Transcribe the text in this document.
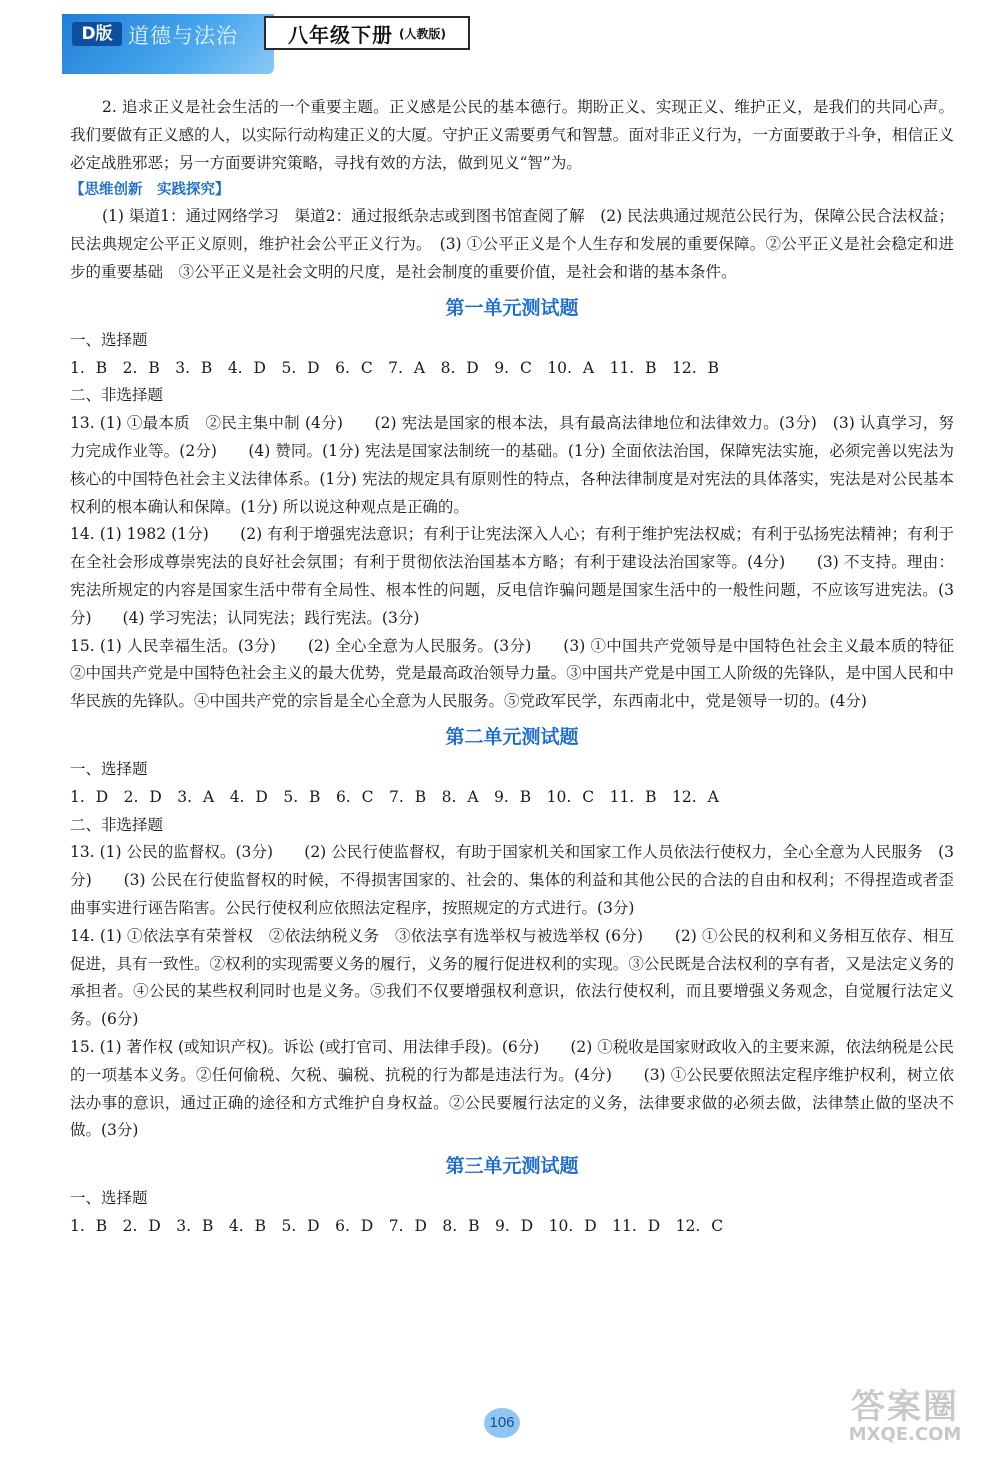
D版 道德与法治	八年级下册 (人教版)

2. 追求正义是社会生活的一个重要主题。正义感是公民的基本德行。期盼正义、实现正义、维护正义，是我们的共同心声。我们要做有正义感的人，以实际行动构建正义的大厦。守护正义需要勇气和智慧。面对非正义行为，一方面要敢于斗争，相信正义必定战胜邪恶；另一方面要讲究策略，寻找有效的方法，做到见义“智”为。

【思维创新　实践探究】

(1) 渠道1：通过网络学习　渠道2：通过报纸杂志或到图书馆查阅了解　(2) 民法典通过规范公民行为，保障公民合法权益；民法典规定公平正义原则，维护社会公平正义行为。　(3) ①公平正义是个人生存和发展的重要保障。②公平正义是社会稳定和进步的重要基础　③公平正义是社会文明的尺度，是社会制度的重要价值，是社会和谐的基本条件。

第一单元测试题

一、选择题

1. B　2. B　3. B　4. D　5. D　6. C　7. A　8. D　9. C　10. A　11. B　12. B

二、非选择题

13. (1) ①最本质　②民主集中制 (4分)　　(2) 宪法是国家的根本法，具有最高法律地位和法律效力。(3分)　(3) 认真学习，努力完成作业等。(2分)　　(4) 赞同。(1分) 宪法是国家法制统一的基础。(1分) 全面依法治国，保障宪法实施，必须完善以宪法为核心的中国特色社会主义法律体系。(1分) 宪法的规定具有原则性的特点，各种法律制度是对宪法的具体落实，宪法是对公民基本权利的根本确认和保障。(1分) 所以说这种观点是正确的。

14. (1) 1982 (1分)　　(2) 有利于增强宪法意识；有利于让宪法深入人心；有利于维护宪法权威；有利于弘扬宪法精神；有利于在全社会形成尊崇宪法的良好社会氛围；有利于贯彻依法治国基本方略；有利于建设法治国家等。(4分)　　(3) 不支持。理由：宪法所规定的内容是国家生活中带有全局性、根本性的问题，反电信诈骗问题是国家生活中的一般性问题，不应该写进宪法。(3分)　　(4) 学习宪法；认同宪法；践行宪法。(3分)

15. (1) 人民幸福生活。(3分)　　(2) 全心全意为人民服务。(3分)　　(3) ①中国共产党领导是中国特色社会主义最本质的特征　②中国共产党是中国特色社会主义的最大优势，党是最高政治领导力量。③中国共产党是中国工人阶级的先锋队，是中国人民和中华民族的先锋队。④中国共产党的宗旨是全心全意为人民服务。⑤党政军民学，东西南北中，党是领导一切的。(4分)

第二单元测试题

一、选择题

1. D　2. D　3. A　4. D　5. B　6. C　7. B　8. A　9. B　10. C　11. B　12. A

二、非选择题

13. (1) 公民的监督权。(3分)　　(2) 公民行使监督权，有助于国家机关和国家工作人员依法行使权力，全心全意为人民服务　(3分)　　(3) 公民在行使监督权的时候，不得损害国家的、社会的、集体的利益和其他公民的合法的自由和权利；不得捏造或者歪曲事实进行诬告陷害。公民行使权利应依照法定程序，按照规定的方式进行。(3分)

14. (1) ①依法享有荣誉权　②依法纳税义务　③依法享有选举权与被选举权 (6分)　　(2) ①公民的权利和义务相互依存、相互促进，具有一致性。②权利的实现需要义务的履行，义务的履行促进权利的实现。③公民既是合法权利的享有者，又是法定义务的承担者。④公民的某些权利同时也是义务。⑤我们不仅要增强权利意识，依法行使权利，而且要增强义务观念，自觉履行法定义务。(6分)

15. (1) 著作权 (或知识产权)。诉讼 (或打官司、用法律手段)。(6分)　　(2) ①税收是国家财政收入的主要来源，依法纳税是公民的一项基本义务。②任何偷税、欠税、骗税、抗税的行为都是违法行为。(4分)　　(3) ①公民要依照法定程序维护权利，树立依法办事的意识，通过正确的途径和方式维护自身权益。②公民要履行法定的义务，法律要求做的必须去做，法律禁止做的坚决不做。(3分)

第三单元测试题

一、选择题

1. B　2. D　3. B　4. B　5. D　6. D　7. D　8. B　9. D　10. D　11. D　12. C

106	答案圈
MXQE.COM
